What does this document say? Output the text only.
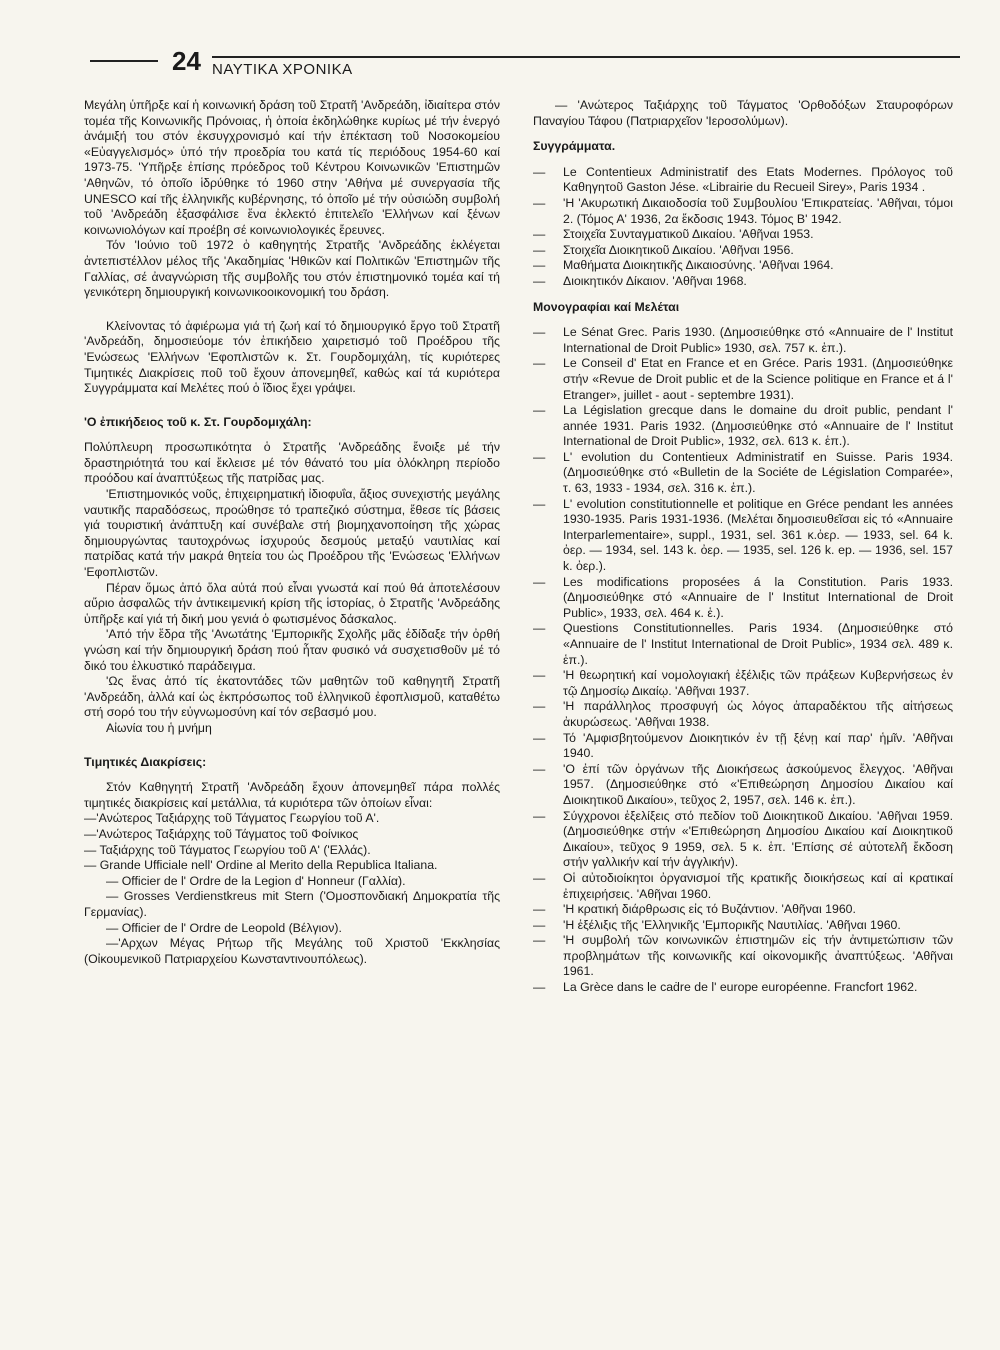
24 ΝΑΥΤΙΚΑ ΧΡΟΝΙΚΑ

Μεγάλη ὑπῆρξε καί ἡ κοινωνική δράση τοῦ Στρατῆ 'Ανδρεάδη, ἰδιαίτερα στόν τομέα τῆς Κοινωνικῆς Πρόνοιας, ἡ ὁποία ἐκδηλώθηκε κυρίως μέ τήν ἐνεργό ἀνάμιξή του στόν ἐκσυγχρονισμό καί τήν ἐπέκταση τοῦ Νοσοκομείου «Εὐαγγελισμός» ὑπό τήν προεδρία του κατά τίς περιόδους 1954-60 καί 1973-75. 'Υπῆρξε ἐπίσης πρόεδρος τοῦ Κέντρου Κοινωνικῶν 'Επιστημῶν 'Αθηνῶν, τό ὁποῖο ἱδρύθηκε τό 1960 στην 'Αθήνα μέ συνεργασία τῆς UNESCO καί τῆς ἑλληνικῆς κυβέρνησης, τό ὁποῖο μέ τήν οὐσιώδη συμβολή τοῦ 'Ανδρεάδη ἐξασφάλισε ἕνα ἐκλεκτό ἐπιτελεῖο 'Ελλήνων καί ξένων κοινωνιολόγων καί προέβη σέ κοινωνιολογικές ἔρευνες.

Τόν 'Ιούνιο τοῦ 1972 ὁ καθηγητής Στρατῆς 'Ανδρεάδης ἐκλέγεται ἀντεπιστέλλον μέλος τῆς 'Ακαδημίας 'Ηθικῶν καί Πολιτικῶν 'Επιστημῶν τῆς Γαλλίας, σέ ἀναγνώριση τῆς συμβολῆς του στόν ἐπιστημονικό τομέα καί τή γενικότερη δημιουργική κοινωνικοοικονομική του δράση.

Κλείνοντας τό ἀφιέρωμα γιά τή ζωή καί τό δημιουργικό ἔργο τοῦ Στρατῆ 'Ανδρεάδη, δημοσιεύομε τόν ἐπικήδειο χαιρετισμό τοῦ Προέδρου τῆς 'Ενώσεως 'Ελλήνων 'Εφοπλιστῶν κ. Στ. Γουρδομιχάλη, τίς κυριότερες Τιμητικές Διακρίσεις ποῦ τοῦ ἔχουν ἀπονεμηθεῖ, καθώς καί τά κυριότερα Συγγράμματα καί Μελέτες πού ὁ ἴδιος ἔχει γράψει.

'Ο ἐπικήδειος τοῦ κ. Στ. Γουρδομιχάλη:

Πολύπλευρη προσωπικότητα ὁ Στρατῆς 'Ανδρεάδης ἔνοιξε μέ τήν δραστηριότητά του καί ἔκλεισε μέ τόν θάνατό του μία ὁλόκληρη περίοδο προόδου καί ἀναπτύξεως τῆς πατρίδας μας.

'Επιστημονικός νοῦς, ἐπιχειρηματική ἰδιοφυΐα, ἄξιος συνεχιστής μεγάλης ναυτικῆς παραδόσεως, προώθησε τό τραπεζικό σύστημα, ἔθεσε τίς βάσεις γιά τουριστική ἀνάπτυξη καί συνέβαλε στή βιομηχανοποίηση τῆς χώρας δημιουργώντας ταυτοχρόνως ἰσχυρούς δεσμούς μεταξύ ναυτιλίας καί πατρίδας κατά τήν μακρά θητεία του ὡς Προέδρου τῆς 'Ενώσεως 'Ελλήνων 'Εφοπλιστῶν.

Πέραν ὅμως ἀπό ὅλα αὐτά πού εἶναι γνωστά καί πού θά ἀποτελέσουν αὔριο ἀσφαλῶς τήν ἀντικειμενική κρίση τῆς ἱστορίας, ὁ Στρατῆς 'Ανδρεάδης ὑπῆρξε καί γιά τή δική μου γενιά ὁ φωτισμένος δάσκαλος.

'Από τήν ἕδρα τῆς 'Ανωτάτης 'Εμπορικῆς Σχολῆς μᾶς ἐδίδαξε τήν ὀρθή γνώση καί τήν δημιουργική δράση πού ἦταν φυσικό νά συσχετισθοῦν μέ τό δικό του ἑλκυστικό παράδειγμα.

'Ως ἕνας ἀπό τίς ἑκατοντάδες τῶν μαθητῶν τοῦ καθηγητῆ Στρατῆ 'Ανδρεάδη, ἀλλά καί ὡς ἐκπρόσωπος τοῦ ἑλληνικοῦ ἐφοπλισμοῦ, καταθέτω στή σορό του τήν εὐγνωμοσύνη καί τόν σεβασμό μου.

Αἰωνία του ἡ μνήμη

Τιμητικές Διακρίσεις:

Στόν Καθηγητή Στρατῆ 'Ανδρεάδη ἔχουν ἀπονεμηθεῖ πάρα πολλές τιμητικές διακρίσεις καί μετάλλια, τά κυριότερα τῶν ὁποίων εἶναι:

—'Ανώτερος Ταξιάρχης τοῦ Τάγματος Γεωργίου τοῦ Α'.

—'Ανώτερος Ταξιάρχης τοῦ Τάγματος τοῦ Φοίνικος

— Ταξιάρχης τοῦ Τάγματος Γεωργίου τοῦ Α' ('Ελλάς).

— Grande Ufficiale nell' Ordine al Merito della Republica Italiana.

— Officier de l' Ordre de la Legion d' Honneur (Γαλλία).

— Grosses Verdienstkreus mit Stern ('Ομοσπονδιακή Δημοκρατία τῆς Γερμανίας).

— Officier de l' Ordre de Leopold (Βέλγιον).

—'Αρχων Μέγας Ρήτωρ τῆς Μεγάλης τοῦ Χριστοῦ 'Εκκλησίας (Οἰκουμενικοῦ Πατριαρχείου Κωνσταντινουπόλεως).

— 'Ανώτερος Ταξιάρχης τοῦ Τάγματος 'Ορθοδόξων Σταυροφόρων Παναγίου Τάφου (Πατριαρχεῖον 'Ιεροσολύμων).

Συγγράμματα.

— Le Contentieux Administratif des Etats Modernes. Πρόλογος τοῦ Καθηγητοῦ Gaston Jése. «Librairie du Recueil Sirey», Paris 1934 .
— 'Η 'Ακυρωτική Δικαιοδοσία τοῦ Συμβουλίου 'Επικρατείας. 'Αθῆναι, τόμοι 2. (Τόμος Α' 1936, 2α ἔκδοσις 1943. Τόμος Β' 1942.
— Στοιχεῖα Συνταγματικοῦ Δικαίου. 'Αθῆναι 1953.
— Στοιχεῖα Διοικητικοῦ Δικαίου. 'Αθῆναι 1956.
— Μαθήματα Διοικητικῆς Δικαιοσύνης. 'Αθῆναι 1964.
— Διοικητικόν Δίκαιον. 'Αθῆναι 1968.

Μονογραφίαι καί Μελέται

— Le Sénat Grec. Paris 1930. (Δημοσιεύθηκε στό «Annuaire de l' Institut International de Droit Public» 1930, σελ. 757 κ. ἑπ.).
— Le Conseil d' Etat en France et en Gréce. Paris 1931. (Δημοσιεύθηκε στήν «Revue de Droit public et de la Science politique en France et á l' Etranger», juillet - aout - septembre 1931).
— La Législation grecque dans le domaine du droit public, pendant l' année 1931. Paris 1932. (Δημοσιεύθηκε στό «Annuaire de l' Institut International de Droit Public», 1932, σελ. 613 κ. ἑπ.).
— L' evolution du Contentieux Administratif en Suisse. Paris 1934. (Δημοσιεύθηκε στό «Bulletin de la Sociéte de Législation Comparée», τ. 63, 1933 - 1934, σελ. 316 κ. ἑπ.).
— L' evolution constitutionnelle et politique en Gréce pendant les années 1930-1935. Paris 1931-1936. (Μελέται δημοσιευθεῖσαι εἰς τό «Annuaire Interparlementaire», suppl., 1931, sel. 361 κ.ὀερ. — 1933, sel. 64 k. ὀερ. — 1934, sel. 143 k. ὀερ. — 1935, sel. 126 k. ep. — 1936, sel. 157 k. ὀερ.).
— Les modifications proposées á la Constitution. Paris 1933. (Δημοσιεύθηκε στό «Annuaire de l' Institut International de Droit Public», 1933, σελ. 464 κ. ἑ.).
— Questions Constitutionnelles. Paris 1934. (Δημοσιεύθηκε στό «Annuaire de l' Institut International de Droit Public», 1934 σελ. 489 κ. ἑπ.).
— 'Η θεωρητική καί νομολογιακή ἐξέλιξις τῶν πράξεων Κυβερνήσεως ἐν τῷ Δημοσίῳ Δικαίῳ. 'Αθῆναι 1937.
— 'Η παράλληλος προσφυγή ὡς λόγος ἀπαραδέκτου τῆς αἰτήσεως ἀκυρώσεως. 'Αθῆναι 1938.
— Τό 'Αμφισβητούμενον Διοικητικόν ἐν τῇ ξένῃ καί παρ' ἡμῖν. 'Αθῆναι 1940.
— 'Ο ἐπί τῶν ὀργάνων τῆς Διοικήσεως ἀσκούμενος ἔλεγχος. 'Αθῆναι 1957. (Δημοσιεύθηκε στό «'Επιθεώρηση Δημοσίου Δικαίου καί Διοικητικοῦ Δικαίου», τεῦχος 2, 1957, σελ. 146 κ. ἑπ.).
— Σύγχρονοι ἐξελίξεις στό πεδίον τοῦ Διοικητικοῦ Δικαίου. 'Αθῆναι 1959. (Δημοσιεύθηκε στήν «'Επιθεώρηση Δημοσίου Δικαίου καί Διοικητικοῦ Δικαίου», τεῦχος 9 1959, σελ. 5 κ. ἑπ. 'Επίσης σέ αὐτοτελῆ ἔκδοση στήν γαλλικήν καί τήν ἀγγλικήν).
— Οἱ αὐτοδιοίκητοι ὀργανισμοί τῆς κρατικῆς διοικήσεως καί αἱ κρατικαί ἐπιχειρήσεις. 'Αθῆναι 1960.
— 'Η κρατική διάρθρωσις εἰς τό Βυζάντιον. 'Αθῆναι 1960.
— 'Η ἐξέλιξις τῆς 'Ελληνικῆς 'Εμπορικῆς Ναυτιλίας. 'Αθῆναι 1960.
— 'Η συμβολή τῶν κοινωνικῶν ἐπιστημῶν εἰς τήν ἀντιμετώπισιν τῶν προβλημάτων τῆς κοινωνικῆς καί οἰκονομικῆς ἀναπτύξεως. 'Αθῆναι 1961.
— La Grèce dans le caḋre de l' europe européenne. Francfort 1962.
